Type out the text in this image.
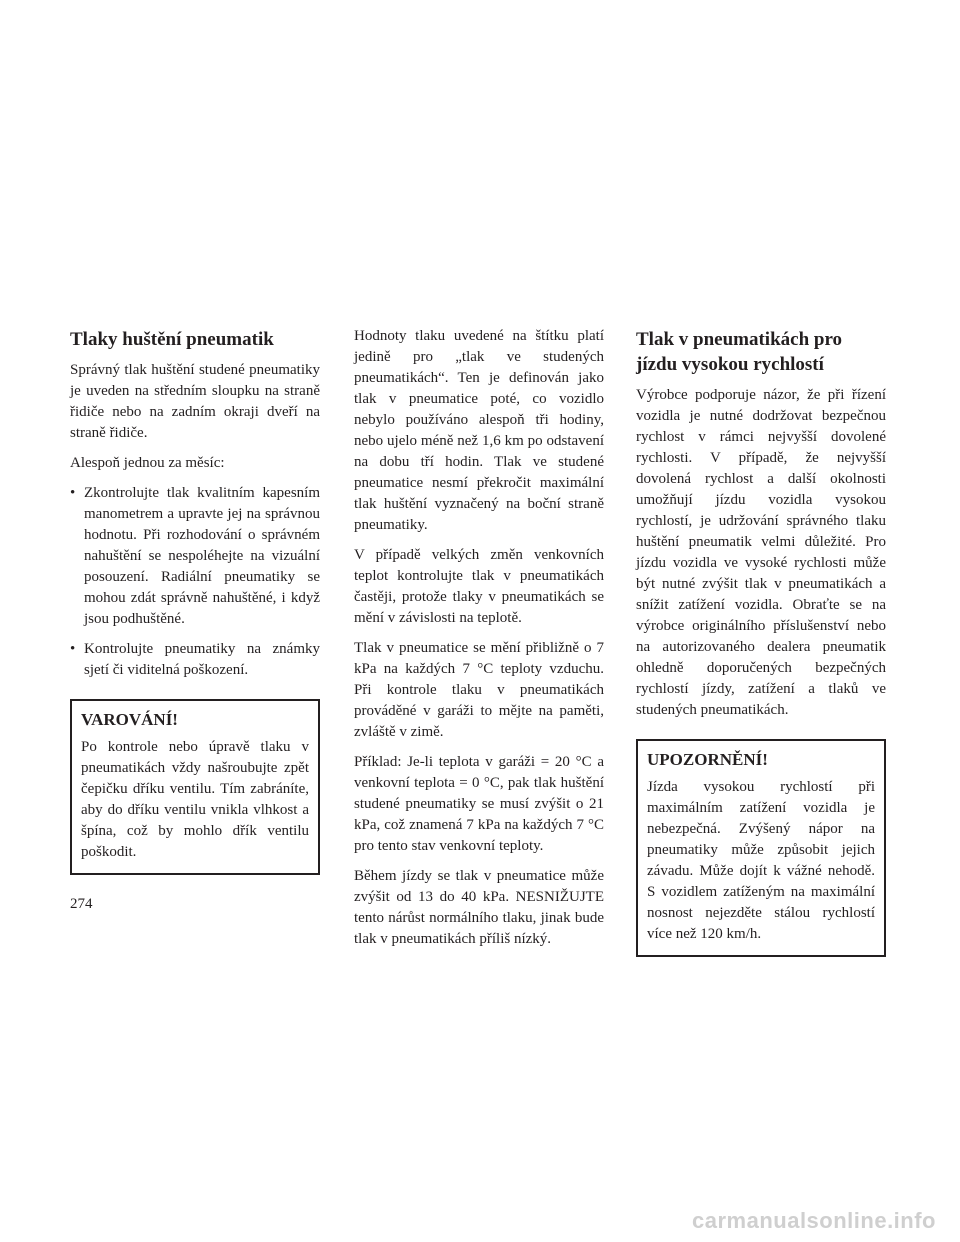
Tlaky huštění pneumatik

Správný tlak huštění studené pneumatiky je uveden na středním sloupku na straně řidiče nebo na zadním okraji dveří na straně řidiče.

Alespoň jednou za měsíc:

• Zkontrolujte tlak kvalitním kapesním manometrem a upravte jej na správnou hodnotu. Při rozhodování o správném nahuštění se nespoléhejte na vizuální posouzení. Radiální pneumatiky se mohou zdát správně nahuštěné, i když jsou podhuštěné.
• Kontrolujte pneumatiky na známky sjetí či viditelná poškození.
VAROVÁNÍ!

Po kontrole nebo úpravě tlaku v pneumatikách vždy našroubujte zpět čepičku dříku ventilu. Tím zabráníte, aby do dříku ventilu vnikla vlhkost a špína, což by mohlo dřík ventilu poškodit.

Hodnoty tlaku uvedené na štítku platí jedině pro „tlak ve studených pneumatikách“. Ten je definován jako tlak v pneumatice poté, co vozidlo nebylo používáno alespoň tři hodiny, nebo ujelo méně než 1,6 km po odstavení na dobu tří hodin. Tlak ve studené pneumatice nesmí překročit maximální tlak huštění vyznačený na boční straně pneumatiky.

V případě velkých změn venkovních teplot kontrolujte tlak v pneumatikách častěji, protože tlaky v pneumatikách se mění v závislosti na teplotě.

Tlak v pneumatice se mění přibližně o 7 kPa na každých 7 °C teploty vzduchu. Při kontrole tlaku v pneumatikách prováděné v garáži to mějte na paměti, zvláště v zimě.

Příklad: Je-li teplota v garáži = 20 °C a venkovní teplota = 0 °C, pak tlak huštění studené pneumatiky se musí zvýšit o 21 kPa, což znamená 7 kPa na každých 7 °C pro tento stav venkovní teploty.

Během jízdy se tlak v pneumatice může zvýšit od 13 do 40 kPa. NESNIŽUJTE tento nárůst normálního tlaku, jinak bude tlak v pneumatikách příliš nízký.

Tlak v pneumatikách pro jízdu vysokou rychlostí

Výrobce podporuje názor, že při řízení vozidla je nutné dodržovat bezpečnou rychlost v rámci nejvyšší dovolené rychlosti. V případě, že nejvyšší dovolená rychlost a další okolnosti umožňují jízdu vozidla vysokou rychlostí, je udržování správného tlaku huštění pneumatik velmi důležité. Pro jízdu vozidla ve vysoké rychlosti může být nutné zvýšit tlak v pneumatikách a snížit zatížení vozidla. Obraťte se na výrobce originálního příslušenství nebo na autorizovaného dealera pneumatik ohledně doporučených bezpečných rychlostí jízdy, zatížení a tlaků ve studených pneumatikách.

UPOZORNĚNÍ!

Jízda vysokou rychlostí při maximálním zatížení vozidla je nebezpečná. Zvýšený nápor na pneumatiky může způsobit jejich závadu. Může dojít k vážné nehodě. S vozidlem zatíženým na maximální nosnost nejezděte stálou rychlostí více než 120 km/h.

274
carmanualsonline.info
